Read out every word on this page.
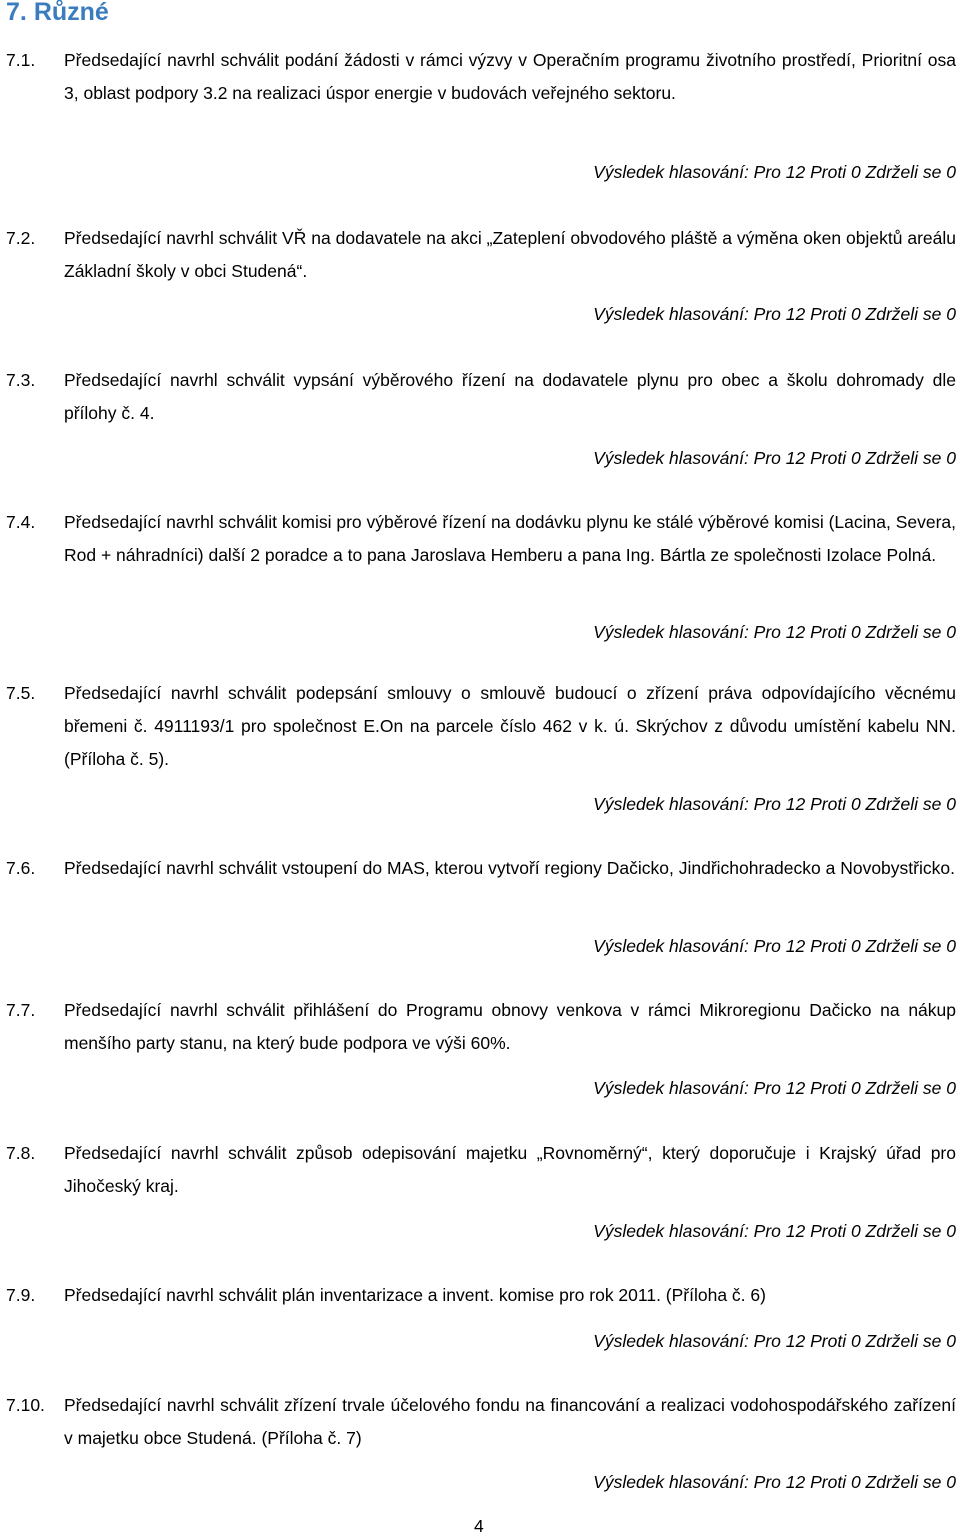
7. Různé
7.1. Předsedající navrhl schválit podání žádosti v rámci výzvy v Operačním programu životního prostředí, Prioritní osa 3, oblast podpory 3.2 na realizaci úspor energie v budovách veřejného sektoru.
Výsledek hlasování: Pro 12 Proti 0 Zdrželi se 0
7.2. Předsedající navrhl schválit VŘ na dodavatele na akci „Zateplení obvodového pláště a výměna oken objektů areálu Základní školy v obci Studená“.
Výsledek hlasování: Pro 12 Proti 0 Zdrželi se 0
7.3. Předsedající navrhl schválit vypsání výběrového řízení na dodavatele plynu pro obec a školu dohromady dle přílohy č. 4.
Výsledek hlasování: Pro 12 Proti 0 Zdrželi se 0
7.4. Předsedající navrhl schválit komisi pro výběrové řízení na dodávku plynu ke stálé výběrové komisi (Lacina, Severa, Rod + náhradníci) další 2 poradce a to pana Jaroslava Hemberu a pana Ing. Bártla ze společnosti Izolace Polná.
Výsledek hlasování: Pro 12 Proti 0 Zdrželi se 0
7.5. Předsedající navrhl schválit podepsání smlouvy o smlouvě budoucí o zřízení práva odpovídajícího věcnému břemeni č. 4911193/1 pro společnost E.On na parcele číslo 462 v k. ú. Skrýchov z důvodu umístění kabelu NN. (Příloha č. 5).
Výsledek hlasování: Pro 12 Proti 0 Zdrželi se 0
7.6. Předsedající navrhl schválit vstoupení do MAS, kterou vytvoří regiony Dačicko, Jindřichohradecko a Novobystřicko.
Výsledek hlasování: Pro 12 Proti 0 Zdrželi se 0
7.7. Předsedající navrhl schválit přihlášení do Programu obnovy venkova v rámci Mikroregionu Dačicko na nákup menšího party stanu, na který bude podpora ve výši 60%.
Výsledek hlasování: Pro 12 Proti 0 Zdrželi se 0
7.8. Předsedající navrhl schválit způsob odepisování majetku „Rovnoměrný“, který doporučuje i Krajský úřad pro Jihočeský kraj.
Výsledek hlasování: Pro 12 Proti 0 Zdrželi se 0
7.9. Předsedající navrhl schválit plán inventarizace a invent. komise pro rok 2011. (Příloha č. 6)
Výsledek hlasování: Pro 12 Proti 0 Zdrželi se 0
7.10. Předsedající navrhl schválit zřízení trvale účelového fondu na financování a realizaci vodohospodářského zařízení v majetku obce Studená. (Příloha č. 7)
Výsledek hlasování: Pro 12 Proti 0 Zdrželi se 0
4
